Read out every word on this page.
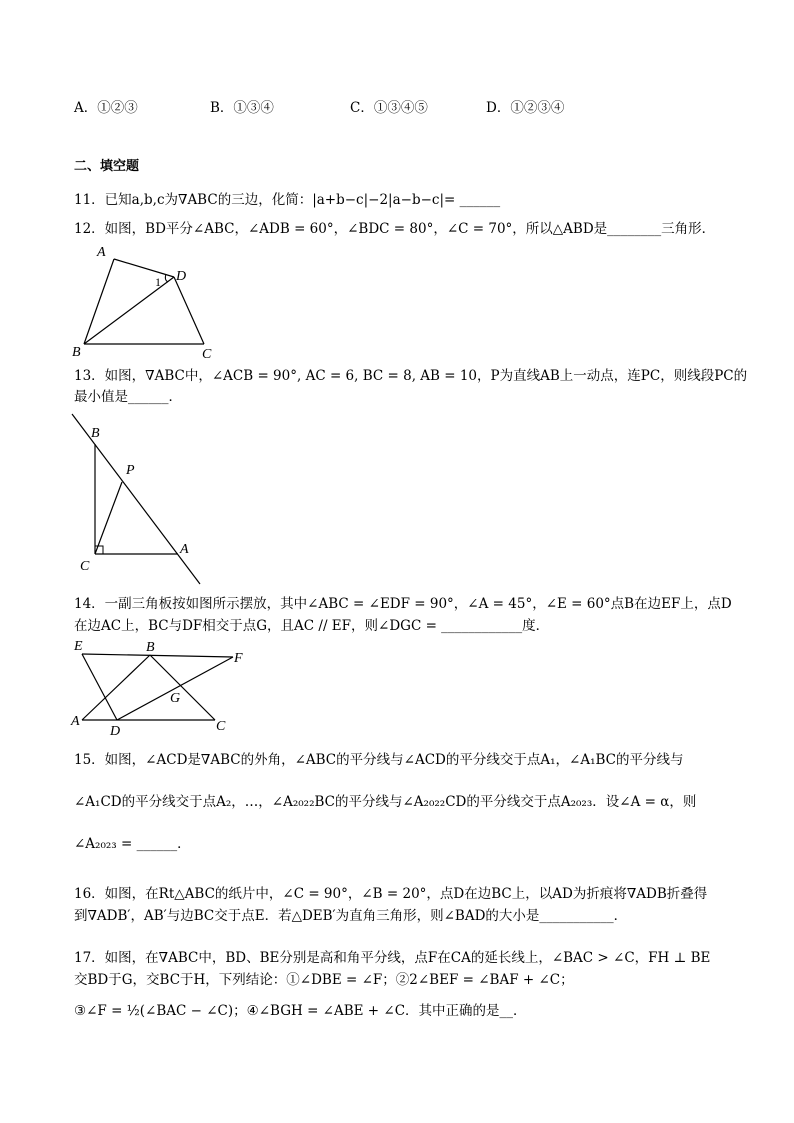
A．①②③	B．①③④	C．①③④⑤	D．①②③④
二、填空题
11．已知a,b,c为∇ABC的三边，化简：|a+b−c|−2|a−b−c|= ______
12．如图，BD平分∠ABC，∠ADB = 60°，∠BDC = 80°，∠C = 70°，所以△ABD是________三角形．
A
D
1
B	C
13．如图，∇ABC中，∠ACB = 90°, AC = 6, BC = 8, AB = 10，P为直线AB上一动点，连PC，则线段PC的
最小值是______．
B
P
A
C
14．一副三角板按如图所示摆放，其中∠ABC = ∠EDF = 90°，∠A = 45°，∠E = 60°点B在边EF上，点D
在边AC上，BC与DF相交于点G，且AC // EF，则∠DGC = ____________度．
E	B
F
G
A	C
D
15．如图，∠ACD是∇ABC的外角，∠ABC的平分线与∠ACD的平分线交于点A₁，∠A₁BC的平分线与
∠A₁CD的平分线交于点A₂，…，∠A₂₀₂₂BC的平分线与∠A₂₀₂₂CD的平分线交于点A₂₀₂₃．设∠A = α，则
∠A₂₀₂₃ = ______．
16．如图，在Rt△ABC的纸片中，∠C = 90°，∠B = 20°，点D在边BC上，以AD为折痕将∇ADB折叠得
到∇ADB′，AB′与边BC交于点E．若△DEB′为直角三角形，则∠BAD的大小是___________．
17．如图，在∇ABC中，BD、BE分别是高和角平分线，点F在CA的延长线上，∠BAC > ∠C，FH ⊥ BE
交BD于G，交BC于H，下列结论：①∠DBE = ∠F；②2∠BEF = ∠BAF + ∠C；
③∠F = ½(∠BAC − ∠C)；④∠BGH = ∠ABE + ∠C．其中正确的是__．
